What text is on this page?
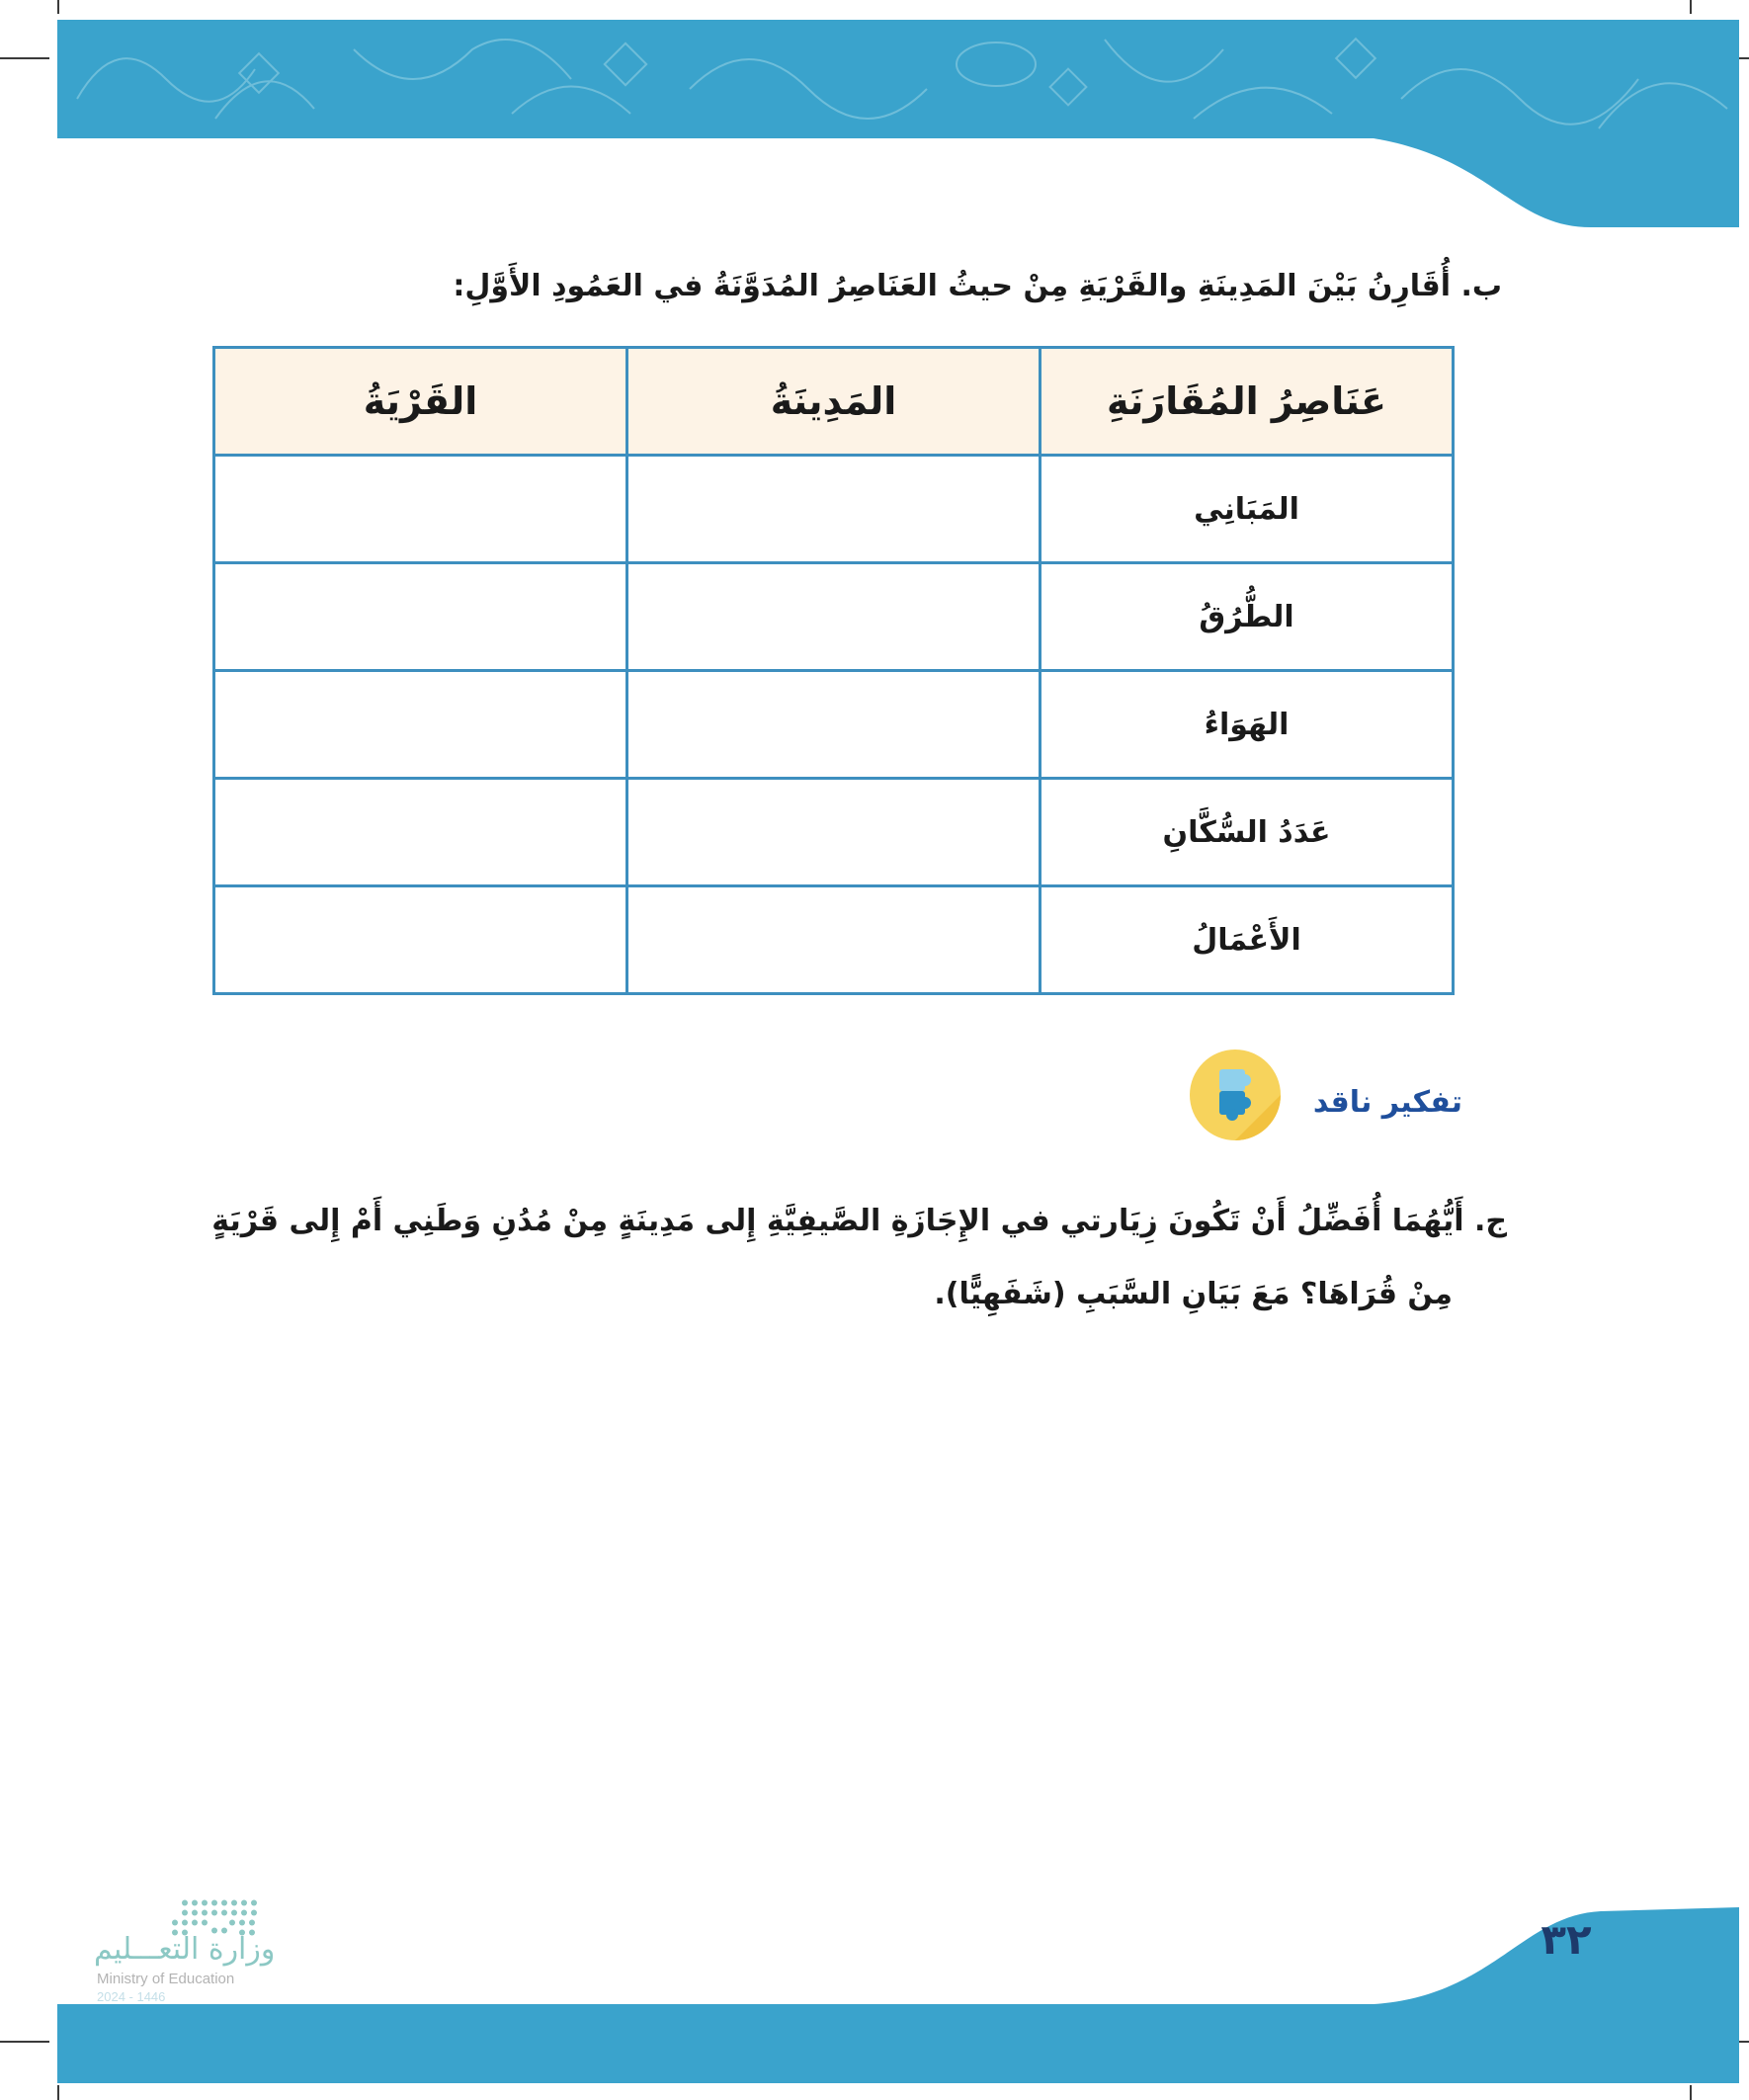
ب. أُقَارِنُ بَيْنَ المَدِينَةِ والقَرْيَةِ مِنْ حيثُ العَنَاصِرُ المُدَوَّنَةُ في العَمُودِ الأَوَّلِ:
عَنَاصِرُ المُقَارَنَةِ	المَدِينَةُ	القَرْيَةُ
المَبَانِي		
الطُّرُقُ		
الهَوَاءُ		
عَدَدُ السُّكَّانِ		
الأَعْمَالُ		
تفكير ناقد
ج. أَيُّهُمَا أُفَضِّلُ أَنْ تَكُونَ زِيَارتي في الإِجَازَةِ الصَّيفِيَّةِ إِلى مَدِينَةٍ مِنْ مُدُنِ وَطَنِي أَمْ إِلى قَرْيَةٍ
مِنْ قُرَاهَا؟ مَعَ بَيَانِ السَّبَبِ (شَفَهِيًّا).
وزارة التعـــليم
Ministry of Education
2024 - 1446
٣٢
